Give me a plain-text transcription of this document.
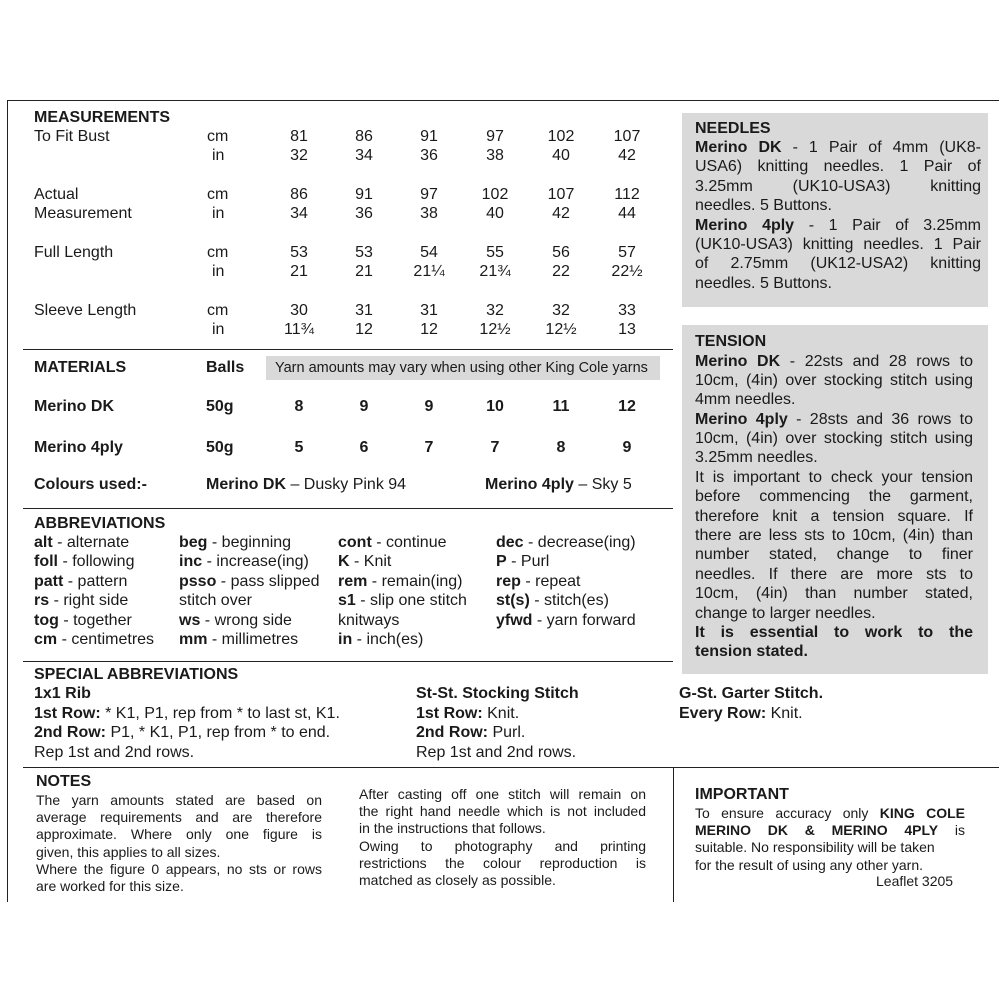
MEASUREMENTS
To Fit Bust	cm	81	86	91	97	102	107
in	32	34	36	38	40	42
Actual	cm	86	91	97	102	107	112
Measurement	in	34	36	38	40	42	44
Full Length	cm	53	53	54	55	56	57
in	21	21	21¼	21¾	22	22½
Sleeve Length	cm	30	31	31	32	32	33
in	11¾	12	12	12½	12½	13
MATERIALS	Balls Yarn amounts may vary when using other King Cole yarns
Merino DK	50g	8	9	9	10	11	12
Merino 4ply	50g	5	6	7	7	8	9
Colours used:-	Merino DK – Dusky Pink 94	Merino 4ply – Sky 5
ABBREVIATIONS
alt - alternate
foll - following
patt - pattern
rs - right side
tog - together
cm - centimetres
beg - beginning
inc - increase(ing)
psso - pass slipped
stitch over
ws - wrong side
mm - millimetres
cont - continue
K - Knit
rem - remain(ing)
s1 - slip one stitch
knitways
in - inch(es)
dec - decrease(ing)
P - Purl
rep - repeat
st(s) - stitch(es)
yfwd - yarn forward
SPECIAL ABBREVIATIONS
1x1 Rib
1st Row: * K1, P1, rep from * to last st, K1.
2nd Row: P1, * K1, P1, rep from * to end.
Rep 1st and 2nd rows.
St-St. Stocking Stitch
1st Row: Knit.
2nd Row: Purl.
Rep 1st and 2nd rows.
G-St. Garter Stitch.
Every Row: Knit.
NEEDLES
Merino DK - 1 Pair of 4mm (UK8-
USA6) knitting needles. 1 Pair of
3.25mm (UK10-USA3) knitting
needles. 5 Buttons.
Merino 4ply - 1 Pair of 3.25mm
(UK10-USA3) knitting needles. 1 Pair
of 2.75mm (UK12-USA2) knitting
needles. 5 Buttons.
TENSION
Merino DK - 22sts and 28 rows to
10cm, (4in) over stocking stitch using
4mm needles.
Merino 4ply - 28sts and 36 rows to
10cm, (4in) over stocking stitch using
3.25mm needles.
It is important to check your tension
before commencing the garment,
therefore knit a tension square. If
there are less sts to 10cm, (4in) than
number stated, change to finer
needles. If there are more sts to
10cm, (4in) than number stated,
change to larger needles.
It is essential to work to the
tension stated.
NOTES
The yarn amounts stated are based on
average requirements and are therefore
approximate. Where only one figure is
given, this applies to all sizes.
Where the figure 0 appears, no sts or rows
are worked for this size.
After casting off one stitch will remain on
the right hand needle which is not included
in the instructions that follows.
Owing to photography and printing
restrictions the colour reproduction is
matched as closely as possible.
IMPORTANT
To ensure accuracy only KING COLE
MERINO DK & MERINO 4PLY is
suitable. No responsibility will be taken
for the result of using any other yarn.
Leaflet 3205
